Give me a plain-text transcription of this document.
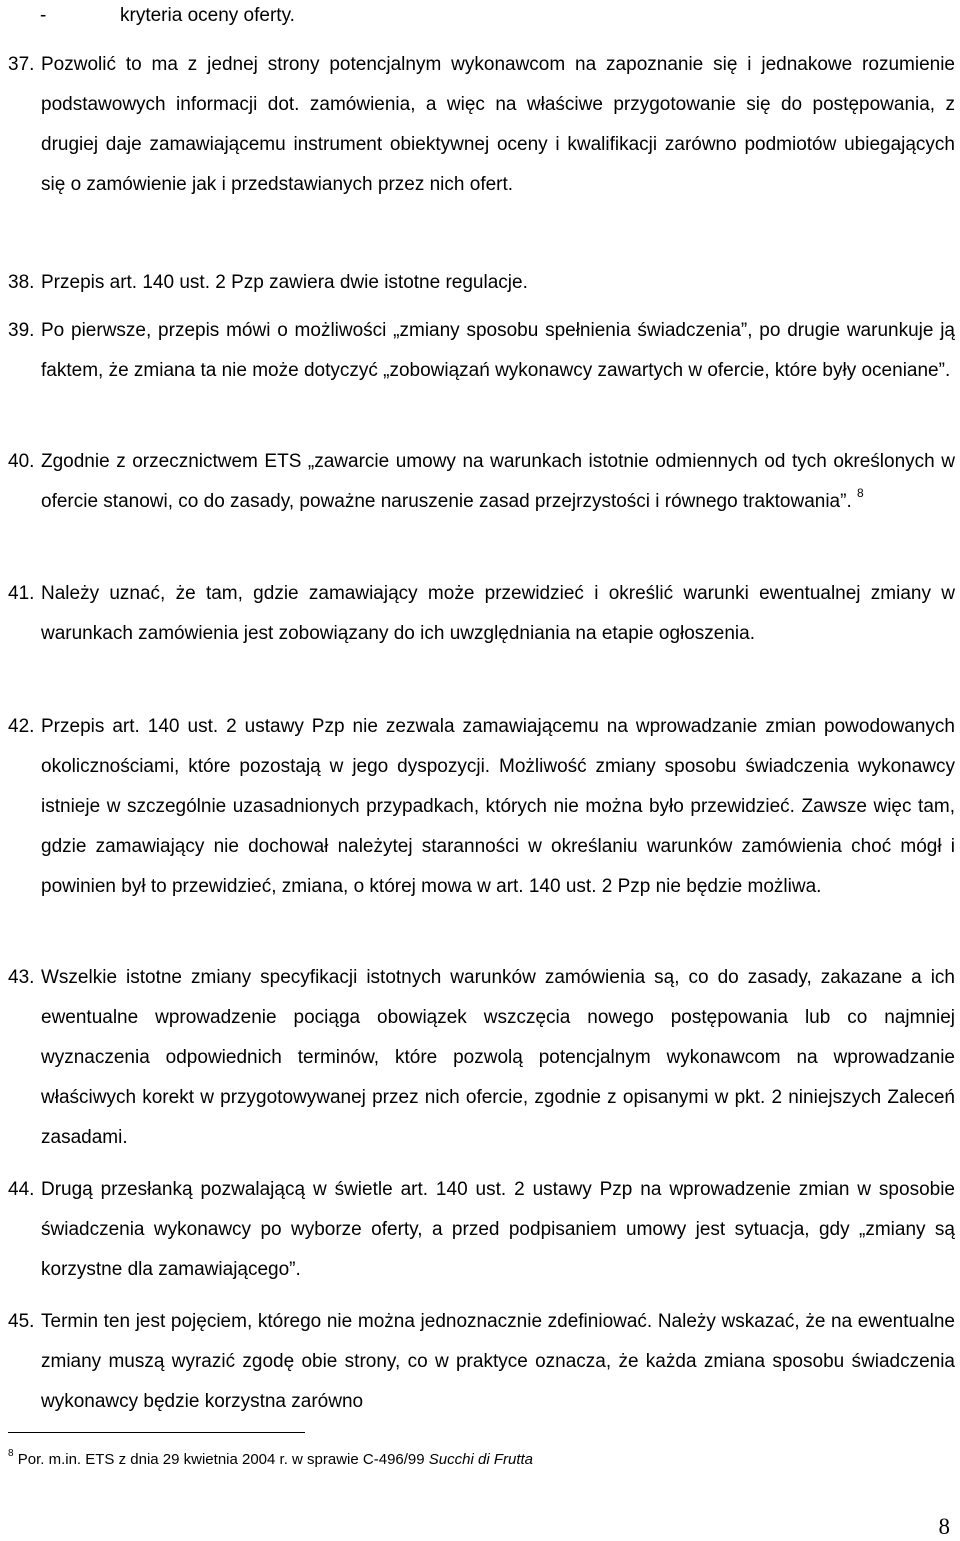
-	kryteria oceny oferty.
37. Pozwolić to ma z jednej strony potencjalnym wykonawcom na zapoznanie się i jednakowe rozumienie podstawowych informacji dot. zamówienia, a więc na właściwe przygotowanie się do postępowania, z drugiej daje zamawiającemu instrument obiektywnej oceny i kwalifikacji zarówno podmiotów ubiegających się o zamówienie jak i przedstawianych przez nich ofert.
38. Przepis art. 140 ust. 2 Pzp zawiera dwie istotne regulacje.
39. Po pierwsze, przepis mówi o możliwości „zmiany sposobu spełnienia świadczenia”, po drugie warunkuje ją faktem, że zmiana ta nie może dotyczyć „zobowiązań wykonawcy zawartych w ofercie, które były oceniane”.
40. Zgodnie z orzecznictwem ETS „zawarcie umowy na warunkach istotnie odmiennych od tych określonych w ofercie stanowi, co do zasady, poważne naruszenie zasad przejrzystości i równego traktowania”. $^8$
41. Należy uznać, że tam, gdzie zamawiający może przewidzieć i określić warunki ewentualnej zmiany w warunkach zamówienia jest zobowiązany do ich uwzględniania na etapie ogłoszenia.
42. Przepis art. 140 ust. 2 ustawy Pzp nie zezwala zamawiającemu na wprowadzanie zmian powodowanych okolicznościami, które pozostają w jego dyspozycji. Możliwość zmiany sposobu świadczenia wykonawcy istnieje w szczególnie uzasadnionych przypadkach, których nie można było przewidzieć. Zawsze więc tam, gdzie zamawiający nie dochował należytej staranności w określaniu warunków zamówienia choć mógł i powinien był to przewidzieć, zmiana, o której mowa w art. 140 ust. 2 Pzp nie będzie możliwa.
43. Wszelkie istotne zmiany specyfikacji istotnych warunków zamówienia są, co do zasady, zakazane a ich ewentualne wprowadzenie pociąga obowiązek wszczęcia nowego postępowania lub co najmniej wyznaczenia odpowiednich terminów, które pozwolą potencjalnym wykonawcom na wprowadzanie właściwych korekt w przygotowywanej przez nich ofercie, zgodnie z opisanymi w pkt. 2 niniejszych Zaleceń zasadami.
44. Drugą przesłanką pozwalającą w świetle art. 140 ust. 2 ustawy Pzp na wprowadzenie zmian w sposobie świadczenia wykonawcy po wyborze oferty, a przed podpisaniem umowy jest sytuacja, gdy „zmiany są korzystne dla zamawiającego”.
45. Termin ten jest pojęciem, którego nie można jednoznacznie zdefiniować. Należy wskazać, że na ewentualne zmiany muszą wyrazić zgodę obie strony, co w praktyce oznacza, że każda zmiana sposobu świadczenia wykonawcy będzie korzystna zarówno
$^8$ Por. m.in. ETS z dnia 29 kwietnia 2004 r. w sprawie C-496/99 Succhi di Frutta
8
